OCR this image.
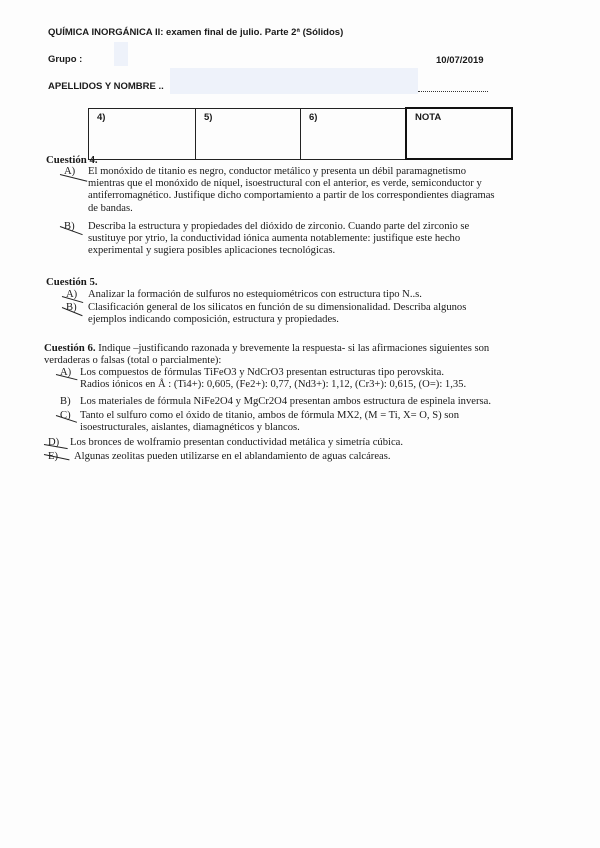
QUÍMICA INORGÁNICA II: examen final de julio. Parte 2ª (Sólidos)
Grupo :	10/07/2019
APELLIDOS Y NOMBRE ..
4)	5)	6)	NOTA
Cuestión 4.
A) El monóxido de titanio es negro, conductor metálico y presenta un débil paramagnetismo
mientras que el monóxido de níquel, isoestructural con el anterior, es verde, semiconductor y
antiferromagnético. Justifique dicho comportamiento a partir de los correspondientes diagramas
de bandas.
B) Describa la estructura y propiedades del dióxido de zirconio. Cuando parte del zirconio se
sustituye por ytrio, la conductividad iónica aumenta notablemente: justifique este hecho
experimental y sugiera posibles aplicaciones tecnológicas.
Cuestión 5.
A) Analizar la formación de sulfuros no estequiométricos con estructura tipo N..s.
B) Clasificación general de los silicatos en función de su dimensionalidad. Describa algunos
ejemplos indicando composición, estructura y propiedades.
Cuestión 6. Indique –justificando razonada y brevemente la respuesta- si las afirmaciones siguientes son
verdaderas o falsas (total o parcialmente):
A) Los compuestos de fórmulas TiFeO3 y NdCrO3 presentan estructuras tipo perovskita.
Radios iónicos en Å : (Ti4+): 0,605, (Fe2+): 0,77, (Nd3+): 1,12, (Cr3+): 0,615, (O=): 1,35.
B) Los materiales de fórmula NiFe2O4 y MgCr2O4 presentan ambos estructura de espinela inversa.
C) Tanto el sulfuro como el óxido de titanio, ambos de fórmula MX2, (M = Ti, X= O, S) son
isoestructurales, aislantes, diamagnéticos y blancos.
D) Los bronces de wolframio presentan conductividad metálica y simetría cúbica.
E) Algunas zeolitas pueden utilizarse en el ablandamiento de aguas calcáreas.
